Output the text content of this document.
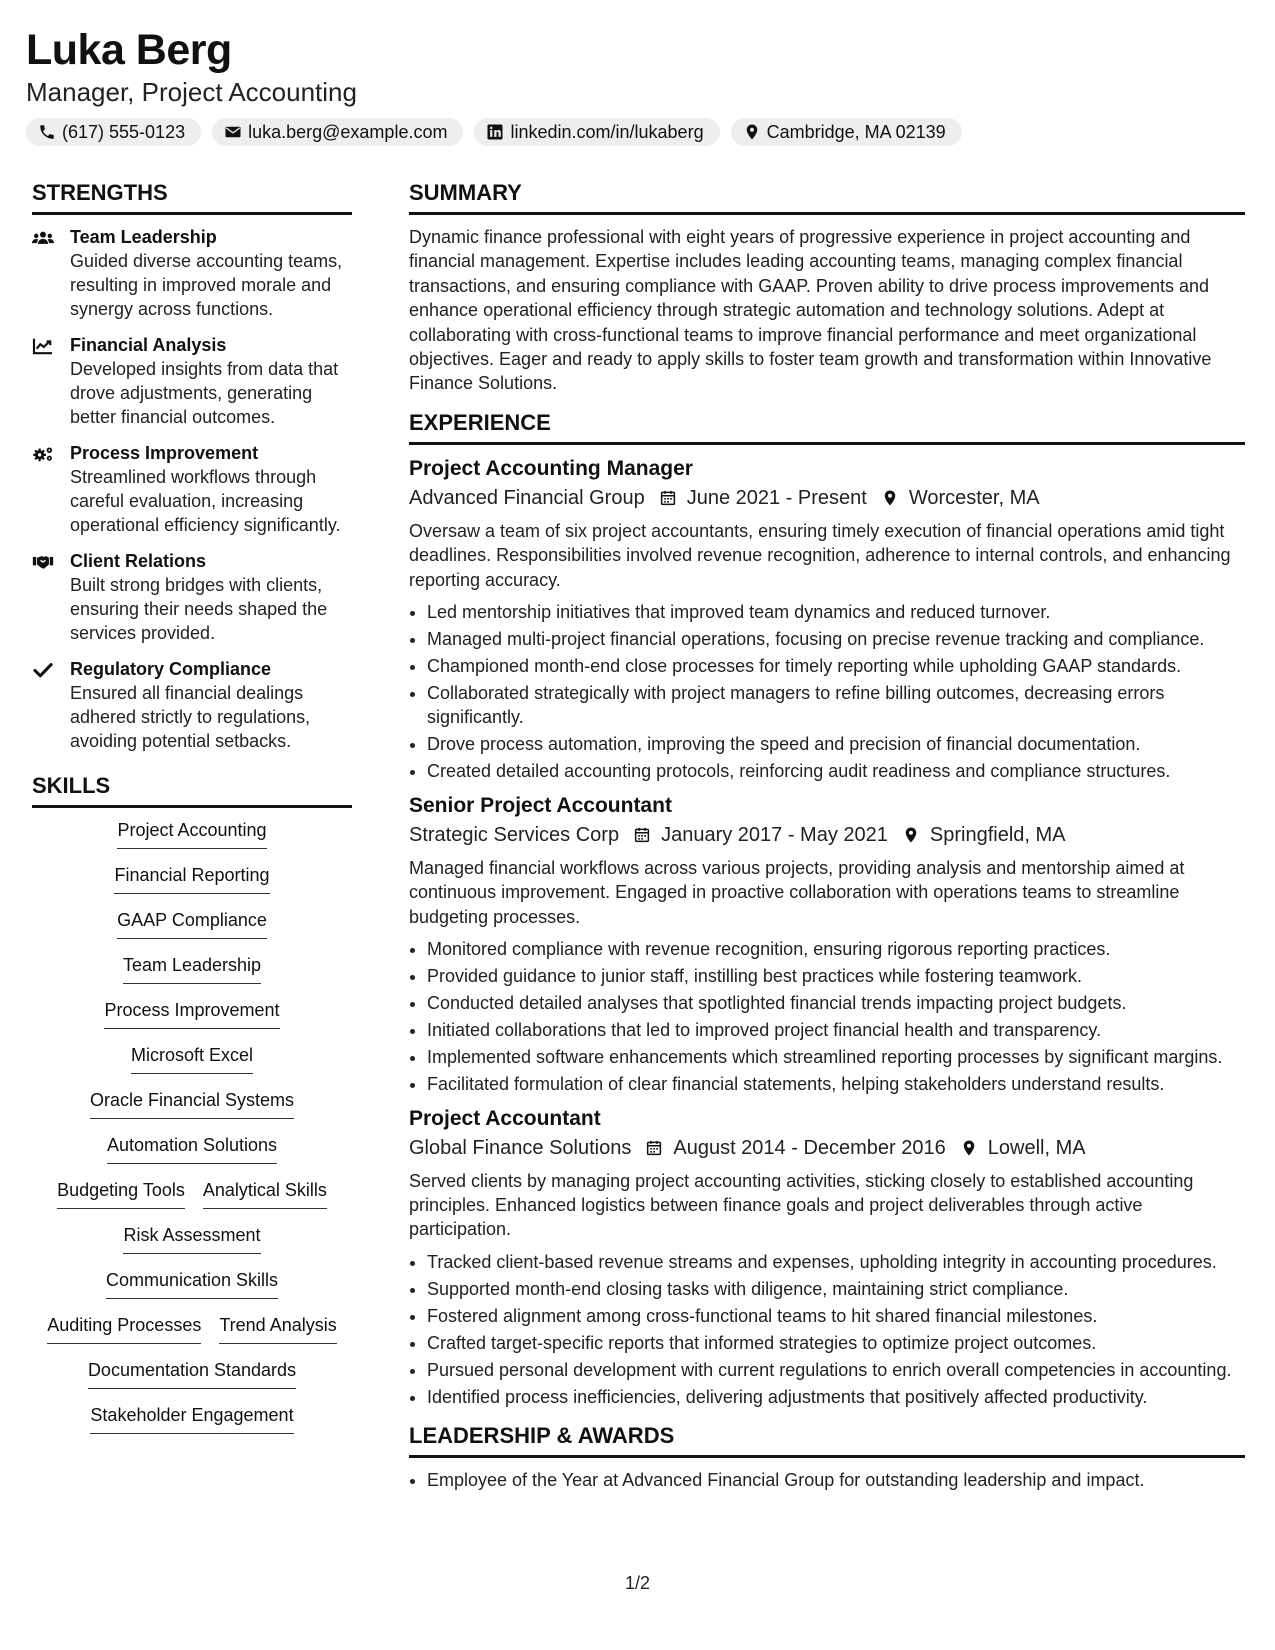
Luka Berg
Manager, Project Accounting
(617) 555-0123	luka.berg@example.com	linkedin.com/in/lukaberg	Cambridge, MA 02139
STRENGTHS
Team Leadership
Guided diverse accounting teams, resulting in improved morale and synergy across functions.
Financial Analysis
Developed insights from data that drove adjustments, generating better financial outcomes.
Process Improvement
Streamlined workflows through careful evaluation, increasing operational efficiency significantly.
Client Relations
Built strong bridges with clients, ensuring their needs shaped the services provided.
Regulatory Compliance
Ensured all financial dealings adhered strictly to regulations, avoiding potential setbacks.
SKILLS
Project Accounting
Financial Reporting
GAAP Compliance
Team Leadership
Process Improvement
Microsoft Excel
Oracle Financial Systems
Automation Solutions
Budgeting Tools Analytical Skills
Risk Assessment
Communication Skills
Auditing Processes Trend Analysis
Documentation Standards
Stakeholder Engagement
SUMMARY

Dynamic finance professional with eight years of progressive experience in project accounting and financial management. Expertise includes leading accounting teams, managing complex financial transactions, and ensuring compliance with GAAP. Proven ability to drive process improvements and enhance operational efficiency through strategic automation and technology solutions. Adept at collaborating with cross-functional teams to improve financial performance and meet organizational objectives. Eager and ready to apply skills to foster team growth and transformation within Innovative Finance Solutions.

EXPERIENCE
Project Accounting Manager
Advanced Financial Group June 2021 - Present Worcester, MA

Oversaw a team of six project accountants, ensuring timely execution of financial operations amid tight deadlines. Responsibilities involved revenue recognition, adherence to internal controls, and enhancing reporting accuracy.

• Led mentorship initiatives that improved team dynamics and reduced turnover.
• Managed multi-project financial operations, focusing on precise revenue tracking and compliance.
• Championed month-end close processes for timely reporting while upholding GAAP standards.
• Collaborated strategically with project managers to refine billing outcomes, decreasing errors significantly.
• Drove process automation, improving the speed and precision of financial documentation.
• Created detailed accounting protocols, reinforcing audit readiness and compliance structures.
Senior Project Accountant
Strategic Services Corp January 2017 - May 2021 Springfield, MA

Managed financial workflows across various projects, providing analysis and mentorship aimed at continuous improvement. Engaged in proactive collaboration with operations teams to streamline budgeting processes.

• Monitored compliance with revenue recognition, ensuring rigorous reporting practices.
• Provided guidance to junior staff, instilling best practices while fostering teamwork.
• Conducted detailed analyses that spotlighted financial trends impacting project budgets.
• Initiated collaborations that led to improved project financial health and transparency.
• Implemented software enhancements which streamlined reporting processes by significant margins.
• Facilitated formulation of clear financial statements, helping stakeholders understand results.
Project Accountant
Global Finance Solutions August 2014 - December 2016 Lowell, MA

Served clients by managing project accounting activities, sticking closely to established accounting principles. Enhanced logistics between finance goals and project deliverables through active participation.

• Tracked client-based revenue streams and expenses, upholding integrity in accounting procedures.
• Supported month-end closing tasks with diligence, maintaining strict compliance.
• Fostered alignment among cross-functional teams to hit shared financial milestones.
• Crafted target-specific reports that informed strategies to optimize project outcomes.
• Pursued personal development with current regulations to enrich overall competencies in accounting.
• Identified process inefficiencies, delivering adjustments that positively affected productivity.
LEADERSHIP & AWARDS
• Employee of the Year at Advanced Financial Group for outstanding leadership and impact.
1/2
